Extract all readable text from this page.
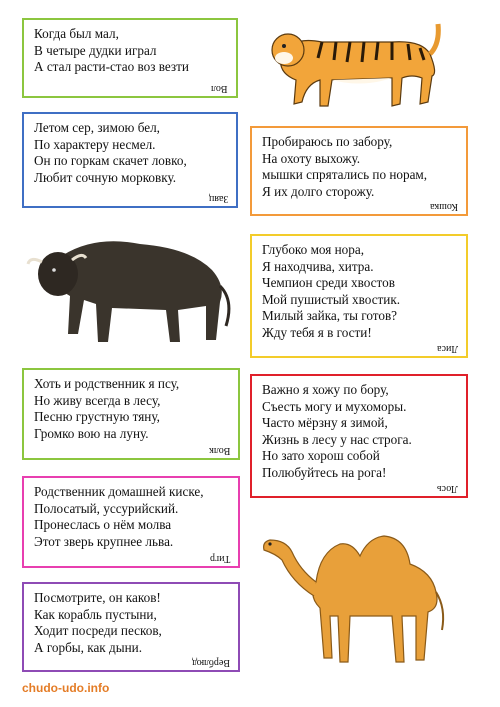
Когда был мал,
В четыре дудки играл
А стал расти-стао воз везти
Вол
Летом сер, зимою бел,
По характеру несмел.
Он по горкам скачет ловко,
Любит сочную морковку.
Заяц
Пробираюсь по забору,
На охоту выхожу.
мышки спрятались по норам,
Я их долго сторожу.
Кошка
Глубоко моя нора,
Я находчива, хитра.
Чемпион среди хвостов
Мой пушистый хвостик.
Милый зайка, ты готов?
Жду тебя я в гости!
Лиса
Хоть и родственник я псу,
Но живу всегда в лесу,
Песню грустную тяну,
Громко вою на луну.
Волк
Важно я хожу по бору,
Съесть могу и мухоморы.
Часто мёрзну я зимой,
Жизнь в лесу у нас строга.
Но зато хорош собой
Полюбуйтесь на рога!
Лось
Родственник домашней киске,
Полосатый, уссурийский.
Пронеслась о нём молва
Этот зверь крупнее льва.
Тигр
Посмотрите, он каков!
Как корабль пустыни,
Ходит посреди песков,
А горбы, как дыни.
Верблюд
chudo-udo.info
